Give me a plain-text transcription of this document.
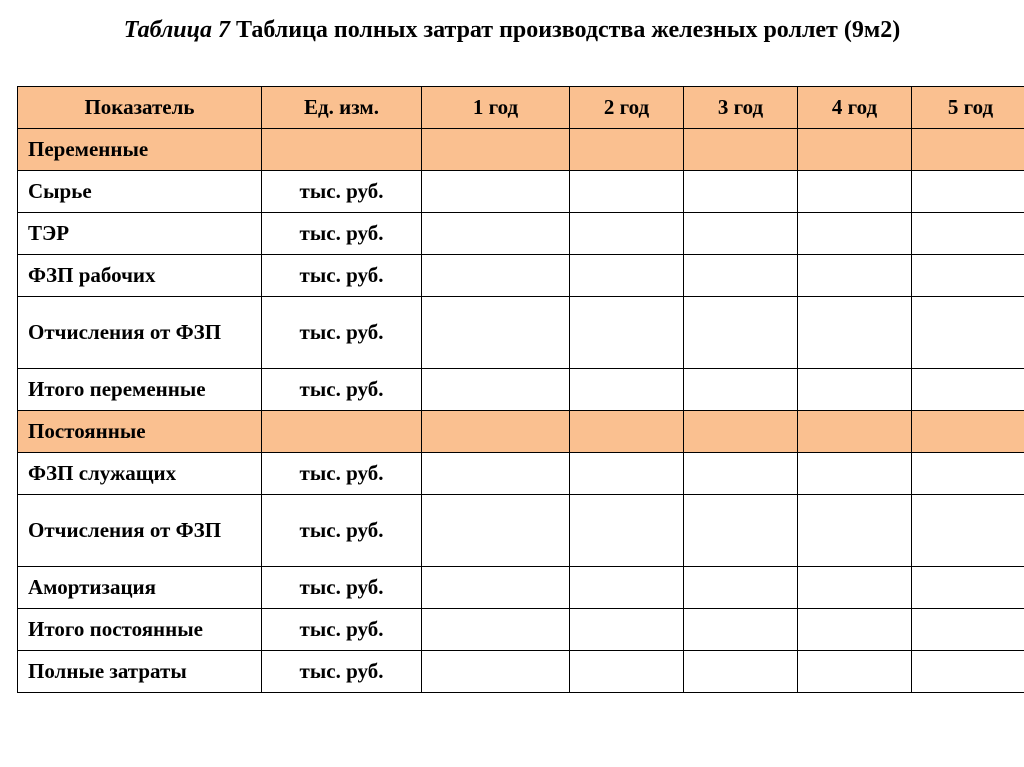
Таблица 7 Таблица полных затрат производства железных роллет (9м2)
Показатель	Ед. изм.	1 год	2 год	3 год	4 год	5 год
Переменные						
Сырье	тыс. руб.					
ТЭР	тыс. руб.					
ФЗП рабочих	тыс. руб.					
Отчисления от ФЗП	тыс. руб.					
Итого переменные	тыс. руб.					
Постоянные						
ФЗП служащих	тыс. руб.					
Отчисления от ФЗП	тыс. руб.					
Амортизация	тыс. руб.					
Итого постоянные	тыс. руб.					
Полные затраты	тыс. руб.					
